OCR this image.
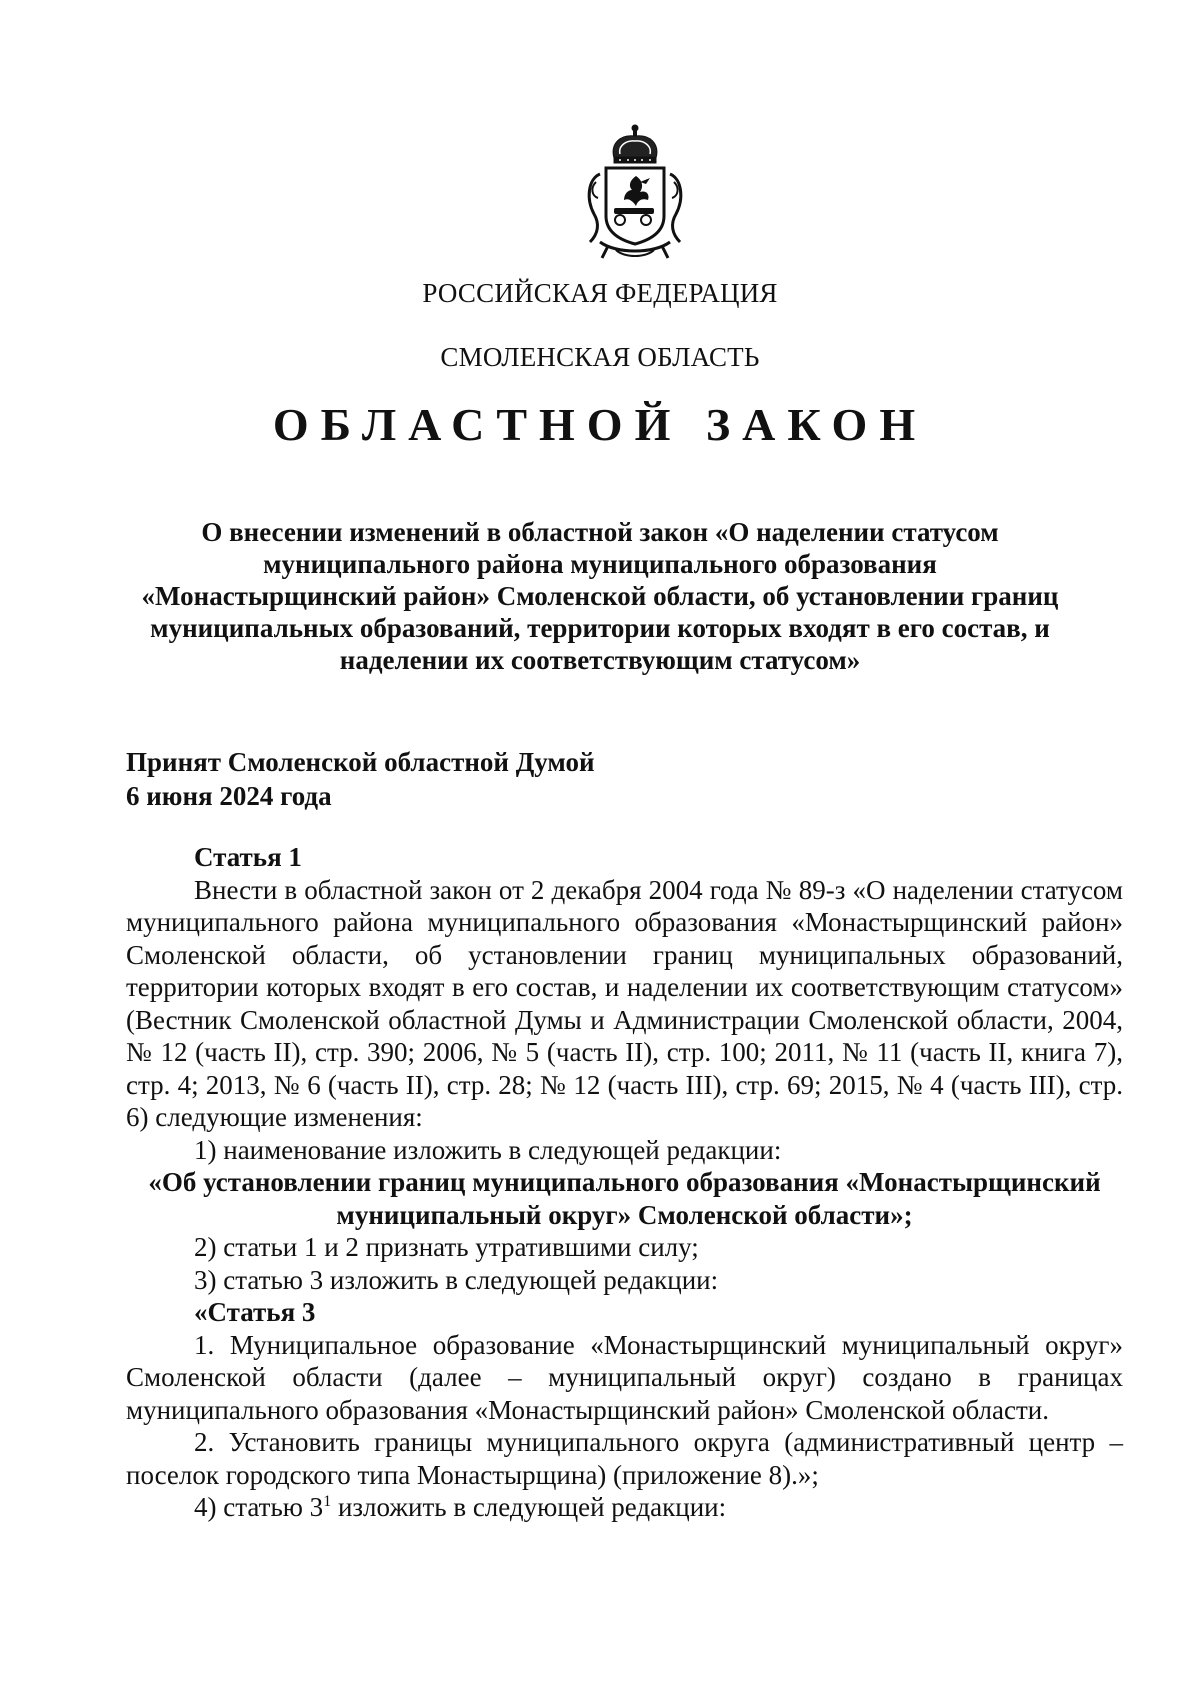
РОССИЙСКАЯ ФЕДЕРАЦИЯ
СМОЛЕНСКАЯ ОБЛАСТЬ
ОБЛАСТНОЙ ЗАКОН
О внесении изменений в областной закон «О наделении статусом муниципального района муниципального образования «Монастырщинский район» Смоленской области, об установлении границ муниципальных образований, территории которых входят в его состав, и наделении их соответствующим статусом»
Принят Смоленской областной Думой
6 июня 2024 года

Статья 1

Внести в областной закон от 2 декабря 2004 года № 89-з «О наделении статусом муниципального района муниципального образования «Монастырщинский район» Смоленской области, об установлении границ муниципальных образований, территории которых входят в его состав, и наделении их соответствующим статусом» (Вестник Смоленской областной Думы и Администрации Смоленской области, 2004, № 12 (часть II), стр. 390; 2006, № 5 (часть II), стр. 100; 2011, № 11 (часть II, книга 7), стр. 4; 2013, № 6 (часть II), стр. 28; № 12 (часть III), стр. 69; 2015, № 4 (часть III), стр. 6) следующие изменения:

1) наименование изложить в следующей редакции:

«Об установлении границ муниципального образования «Монастырщинский муниципальный округ» Смоленской области»;

2) статьи 1 и 2 признать утратившими силу;

3) статью 3 изложить в следующей редакции:

«Статья 3

1. Муниципальное образование «Монастырщинский муниципальный округ» Смоленской области (далее – муниципальный округ) создано в границах муниципального образования «Монастырщинский район» Смоленской области.

2. Установить границы муниципального округа (административный центр – поселок городского типа Монастырщина) (приложение 8).»;

4) статью $3^1$ изложить в следующей редакции:
